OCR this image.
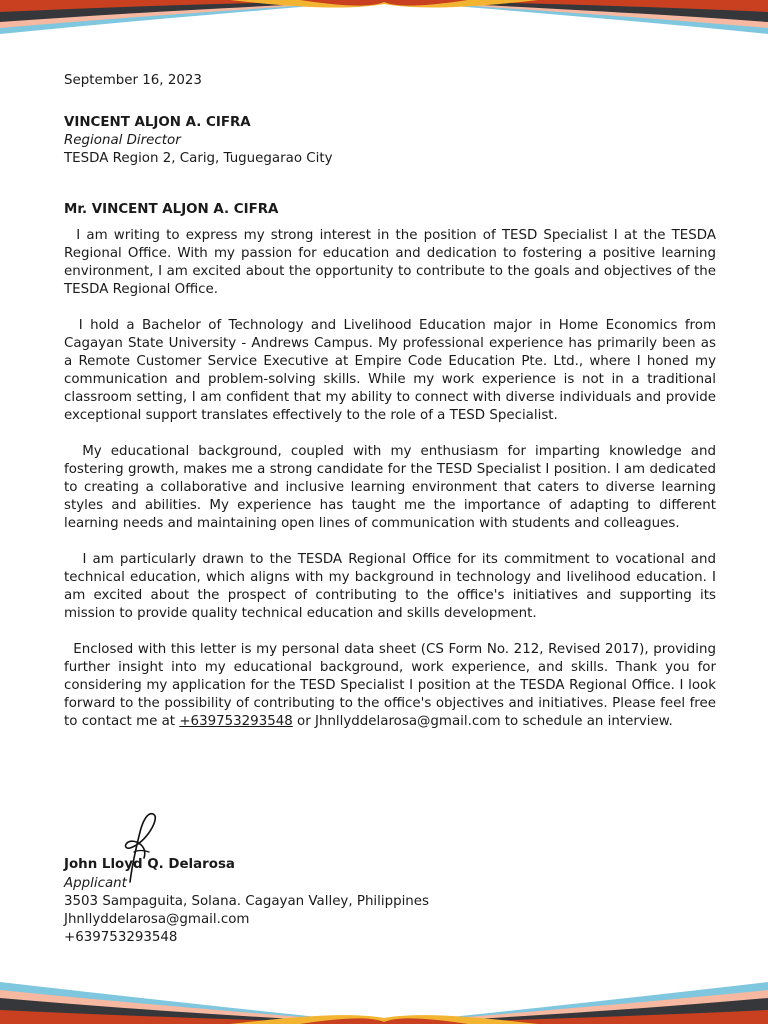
September 16, 2023
VINCENT ALJON A. CIFRA
Regional Director
TESDA Region 2, Carig, Tuguegarao City
Mr. VINCENT ALJON A. CIFRA

I am writing to express my strong interest in the position of TESD Specialist I at the TESDA Regional Office. With my passion for education and dedication to fostering a positive learning environment, I am excited about the opportunity to contribute to the goals and objectives of the TESDA Regional Office.

I hold a Bachelor of Technology and Livelihood Education major in Home Economics from Cagayan State University - Andrews Campus. My professional experience has primarily been as a Remote Customer Service Executive at Empire Code Education Pte. Ltd., where I honed my communication and problem-solving skills. While my work experience is not in a traditional classroom setting, I am confident that my ability to connect with diverse individuals and provide exceptional support translates effectively to the role of a TESD Specialist.

My educational background, coupled with my enthusiasm for imparting knowledge and fostering growth, makes me a strong candidate for the TESD Specialist I position. I am dedicated to creating a collaborative and inclusive learning environment that caters to diverse learning styles and abilities. My experience has taught me the importance of adapting to different learning needs and maintaining open lines of communication with students and colleagues.

I am particularly drawn to the TESDA Regional Office for its commitment to vocational and technical education, which aligns with my background in technology and livelihood education. I am excited about the prospect of contributing to the office's initiatives and supporting its mission to provide quality technical education and skills development.

Enclosed with this letter is my personal data sheet (CS Form No. 212, Revised 2017), providing further insight into my educational background, work experience, and skills. Thank you for considering my application for the TESD Specialist I position at the TESDA Regional Office. I look forward to the possibility of contributing to the office's objectives and initiatives. Please feel free to contact me at +639753293548 or Jhnllyddelarosa@gmail.com to schedule an interview.

John Lloyd Q. Delarosa
Applicant
3503 Sampaguita, Solana. Cagayan Valley, Philippines
Jhnllyddelarosa@gmail.com
+639753293548
